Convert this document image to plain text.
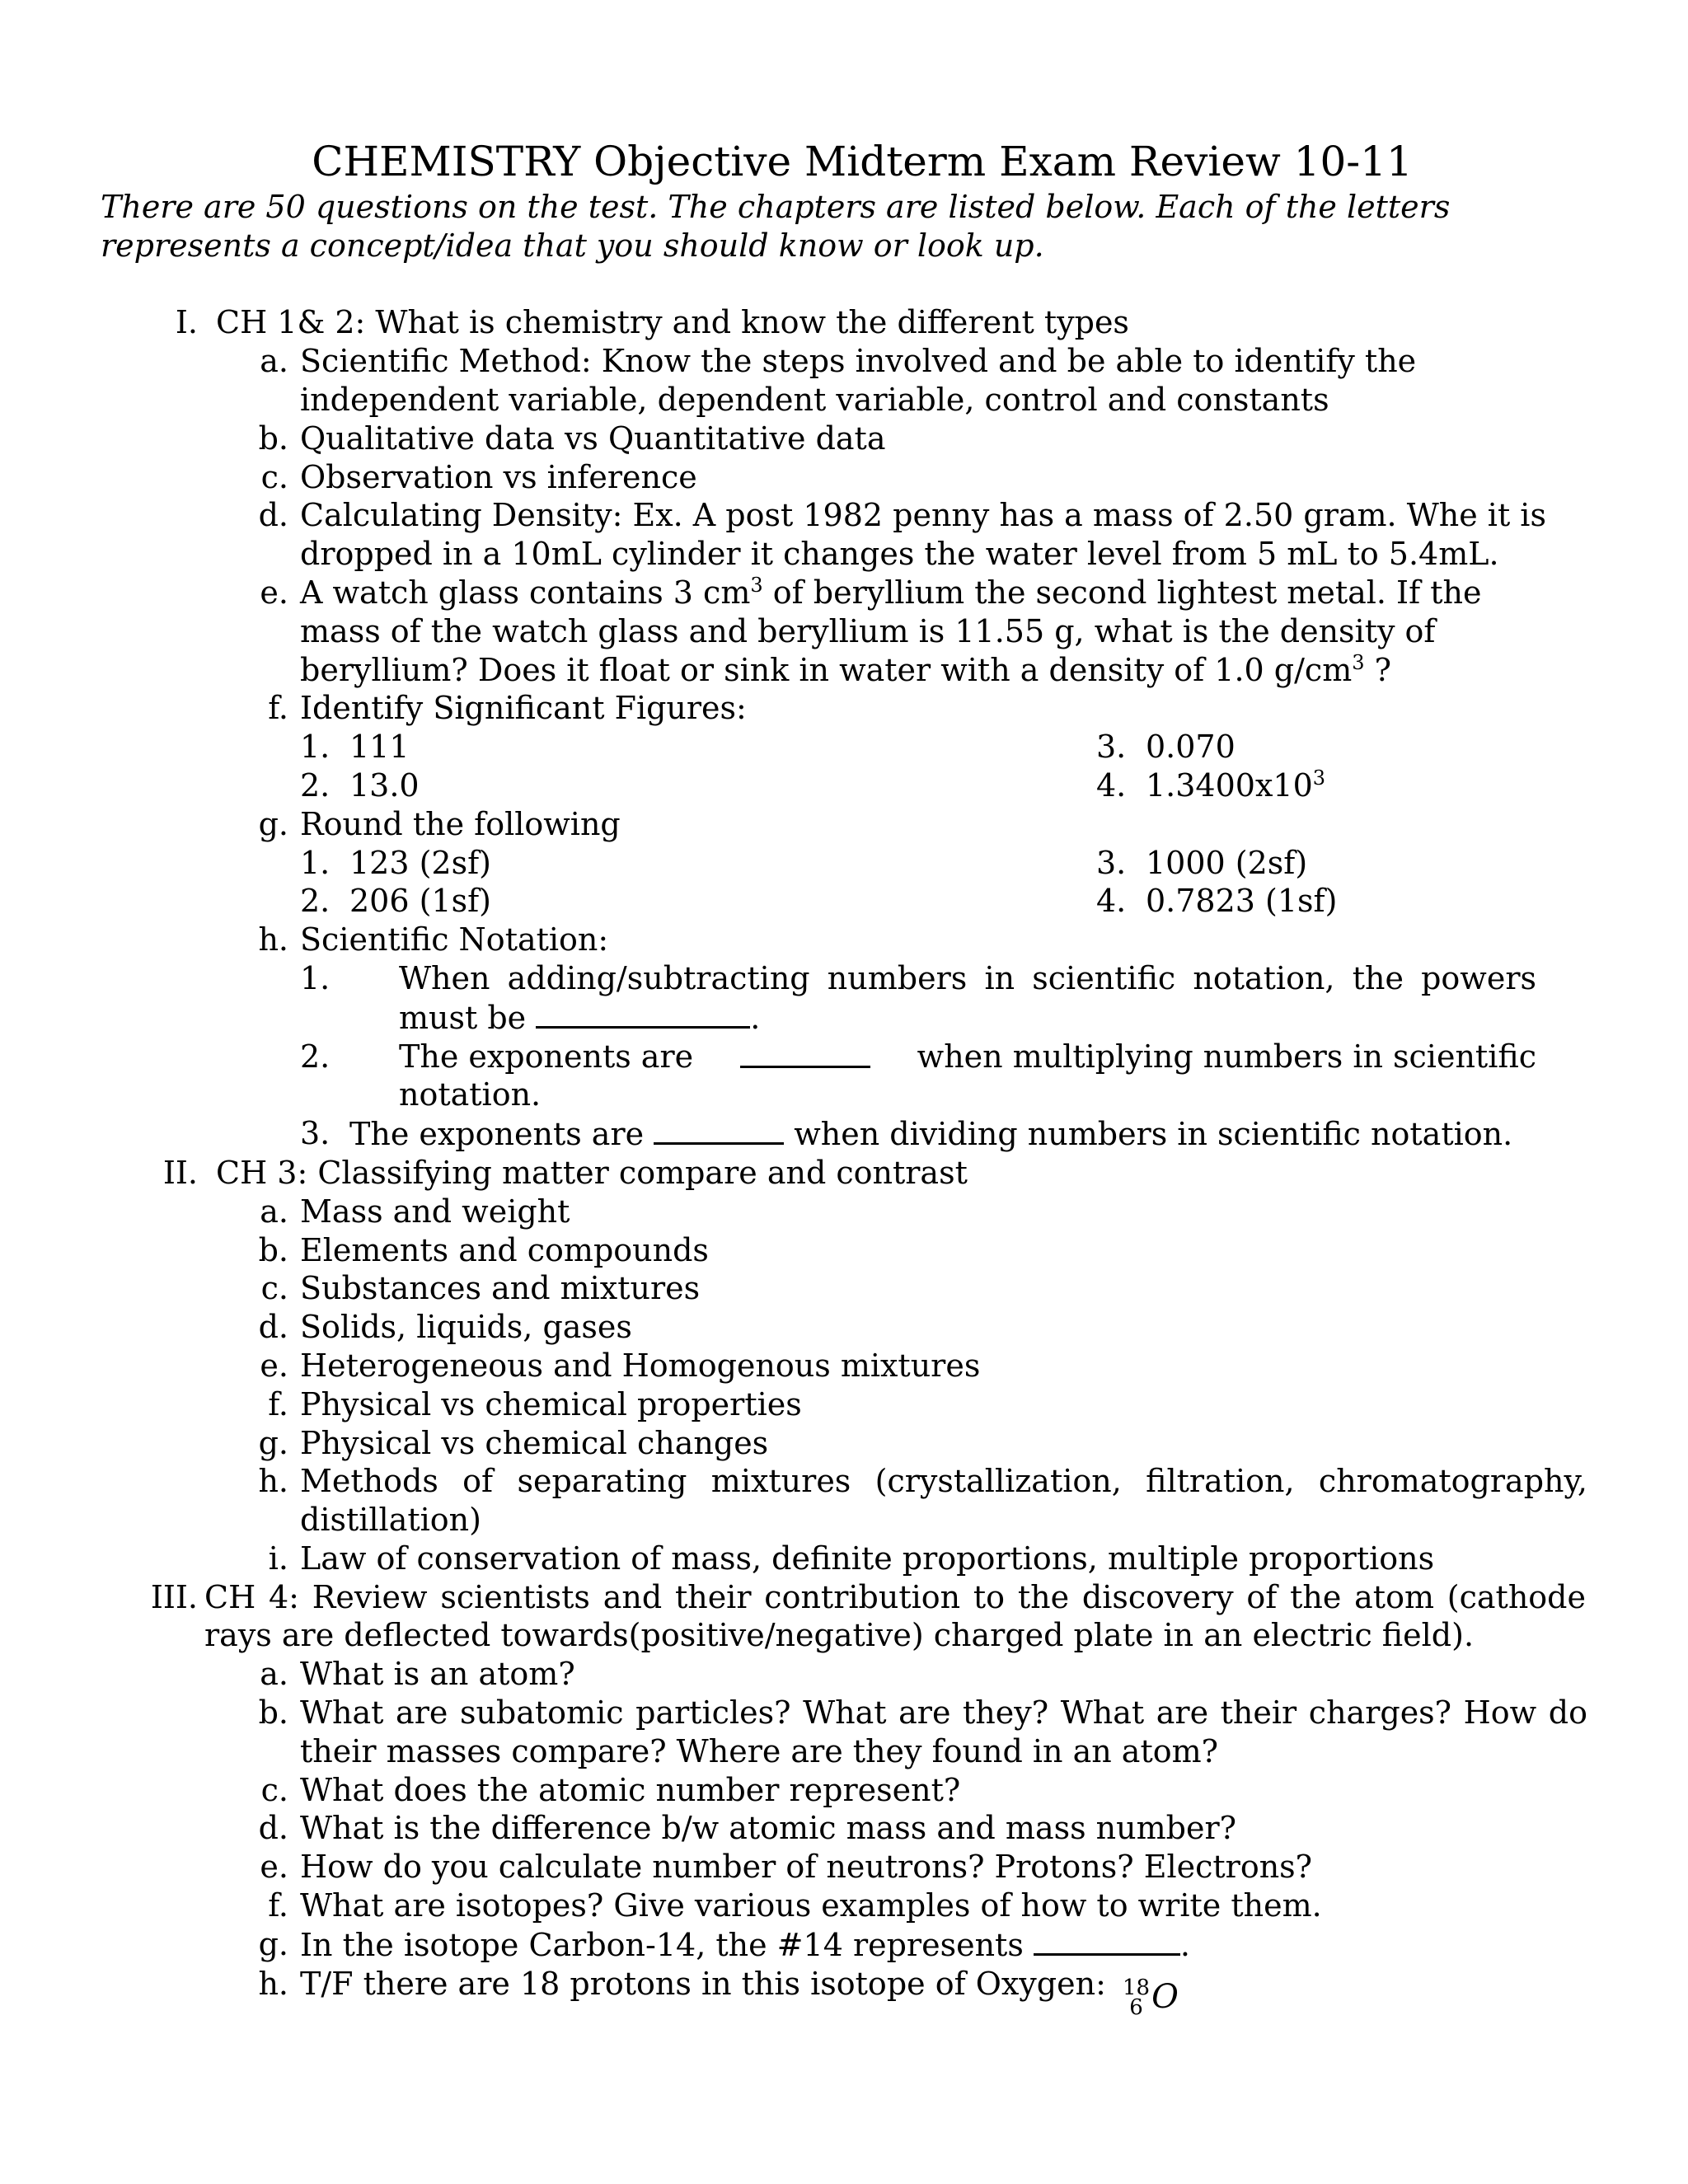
CHEMISTRY Objective Midterm Exam Review 10-11

There are 50 questions on the test. The chapters are listed below. Each of the letters

represents a concept/idea that you should know or look up.

I. CH 1& 2: What is chemistry and know the different types
a. Scientific Method: Know the steps involved and be able to identify the
independent variable, dependent variable, control and constants
b. Qualitative data vs Quantitative data
c. Observation vs inference
d. Calculating Density: Ex. A post 1982 penny has a mass of 2.50 gram. Whe it is
dropped in a 10mL cylinder it changes the water level from 5 mL to 5.4mL.
e. A watch glass contains 3 $cm^3$ of beryllium the second lightest metal. If the
mass of the watch glass and beryllium is 11.55 g, what is the density of
beryllium? Does it float or sink in water with a density of 1.0 $g/cm^3$ ?
f. Identify Significant Figures:
1. 111
2. 13.0
3. 0.070
4. $1.3400x10^3$
g. Round the following
1. 123 (2sf)
2. 206 (1sf)
3. 1000 (2sf)
4. 0.7823 (1sf)
h. Scientific Notation:
1.	When adding/subtracting numbers in scientific notation, the powers
must be	.
2.	The exponents are	when multiplying numbers in scientific
notation.
3. The exponents are	when dividing numbers in scientific notation.
II. CH 3: Classifying matter compare and contrast
a. Mass and weight
b. Elements and compounds
c. Substances and mixtures
d. Solids, liquids, gases
e. Heterogeneous and Homogenous mixtures
f. Physical vs chemical properties
g. Physical vs chemical changes
h. Methods of separating mixtures (crystallization, filtration, chromatography,
distillation)
i. Law of conservation of mass, definite proportions, multiple proportions
III. CH 4: Review scientists and their contribution to the discovery of the atom (cathode
rays are deflected towards(positive/negative) charged plate in an electric field).
a. What is an atom?
b. What are subatomic particles? What are they? What are their charges? How do
their masses compare? Where are they found in an atom?
c. What does the atomic number represent?
d. What is the difference b/w atomic mass and mass number?
e. How do you calculate number of neutrons? Protons? Electrons?
f. What are isotopes? Give various examples of how to write them.
g. In the isotope Carbon-14, the #14 represents	.
h. T/F there are 18 protons in this isotope of Oxygen: 18
6 O
